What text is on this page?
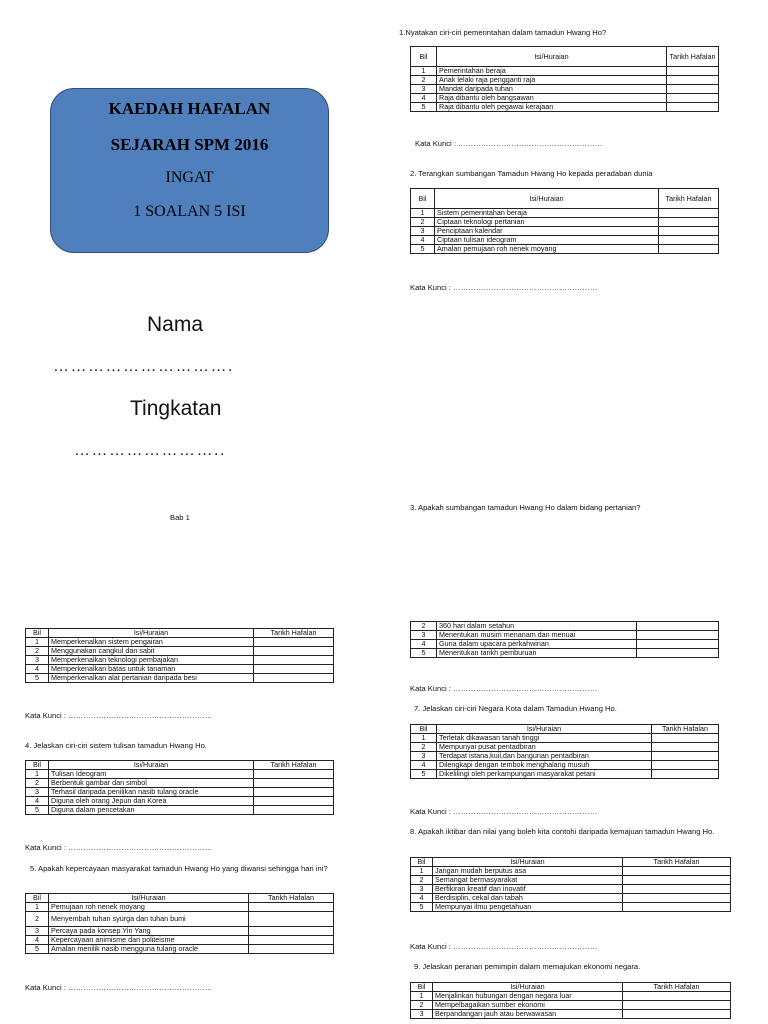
KAEDAH HAFALAN
SEJARAH SPM 2016
INGAT
1 SOALAN 5 ISI
Nama
………………………….
Tingkatan
……………………..
Bab 1
Bil	Isi/Huraian	Tarikh Hafalan
1	Memperkenalkan sistem pengairan	
2	Menggunakan cangkul dan sabit	
3	Memperkenalkan teknologi pembajakan	
4	Memperkenalkan batas untuk tanaman	
5	Memperkenalkan alat pertanian daripada besi	
Kata Kunci : …………………………………………………
4. Jelaskan ciri-ciri sistem tulisan tamadun Hwang Ho.
Bil	Isi/Huraian	Tarikh Hafalan
1	Tulisan Ideogram	
2	Berbentuk gambar dan simbol	
3	Terhasil daripada penilikan nasib tulang oracle	
4	Diguna oleh orang Jepun dan Korea	
5	Diguna dalam pencetakan	
Kata Kunci : …………………………………………………
5. Apakah kepercayaan masyarakat tamadun Hwang Ho yang diwarisi sehingga hari ini?
Bil	Isi/Huraian	Tarikh Hafalan
1	Pemujaan roh nenek moyang	
2	Menyembah tuhan syurga dan tuhan bumi	
3	Percaya pada konsep Yin Yang	
4	Kepercayaan animisme dan politeisme	
5	Amalan menilik nasib mengguna tulang oracle	
Kata Kunci : …………………………………………………
1.Nyatakan ciri-ciri pemerintahan dalam tamadun Hwang Ho?
Bil	Isi/Huraian	Tarikh Hafalan
1	Pemerintahan beraja	
2	Anak lelaki raja pengganti raja	
3	Mandat daripada tuhan	
4	Raja dibantu oleh bangsawan	
5	Raja dibantu oleh pegawai kerajaan	
Kata Kunci : …………………………………………………
2. Terangkan sumbangan Tamadun Hwang Ho kepada peradaban dunia
Bil	Isi/Huraian	Tarikh Hafalan
1	Sistem pemerintahan beraja	
2	Ciptaan teknologi pertanian	
3	Penciptaan kalendar	
4	Ciptaan tulisan ideogram	
5	Amalan pemujaan roh nenek moyang	
Kata Kunci : …………………………………………………
3. Apakah sumbangan tamadun Hwang Ho dalam bidang pertanian?
2	360 hari dalam setahun	
3	Menentukan musim menanam dan menuai	
4	Guna dalam upacara perkahwinan	
5	Menentukan tarikh pemburuan	
Kata Kunci : …………………………………………………
7. Jelaskan ciri-ciri Negara Kota dalam Tamadun Hwang Ho.
Bil	Isi/Huraian	Tarikh Hafalan
1	Terletak dikawasan tanah tinggi	
2	Mempunyai pusat pentadbiran	
3	Terdapat istana,kuil,dan bangunan pentadbiran	
4	Dilengkapi dengan tembok menghalang musuh	
5	Dikelilingi oleh perkampungan masyarakat petani	
Kata Kunci : …………………………………………………
8. Apakah iktibar dan nilai yang boleh kita contohi daripada kemajuan tamadun Hwang Ho.
Bil	Isi/Huraian	Tarikh Hafalan
1	Jangan mudah berputus asa	
2	Semangat bermasyarakat	
3	Berfikiran kreatif dan inovatif	
4	Berdisiplin, cekal dan tabah	
5	Mempunyai ilmu pengetahuan	
Kata Kunci : …………………………………………………
9. Jelaskan peranan pemimpin dalam memajukan ekonomi negara.
Bil	Isi/Huraian	Tarikh Hafalan
1	Menjalinkan hubungan dengan negara luar	
2	Mempelbagaikan sumber ekonomi	
3	Berpandangan jauh atau berwawasan	
